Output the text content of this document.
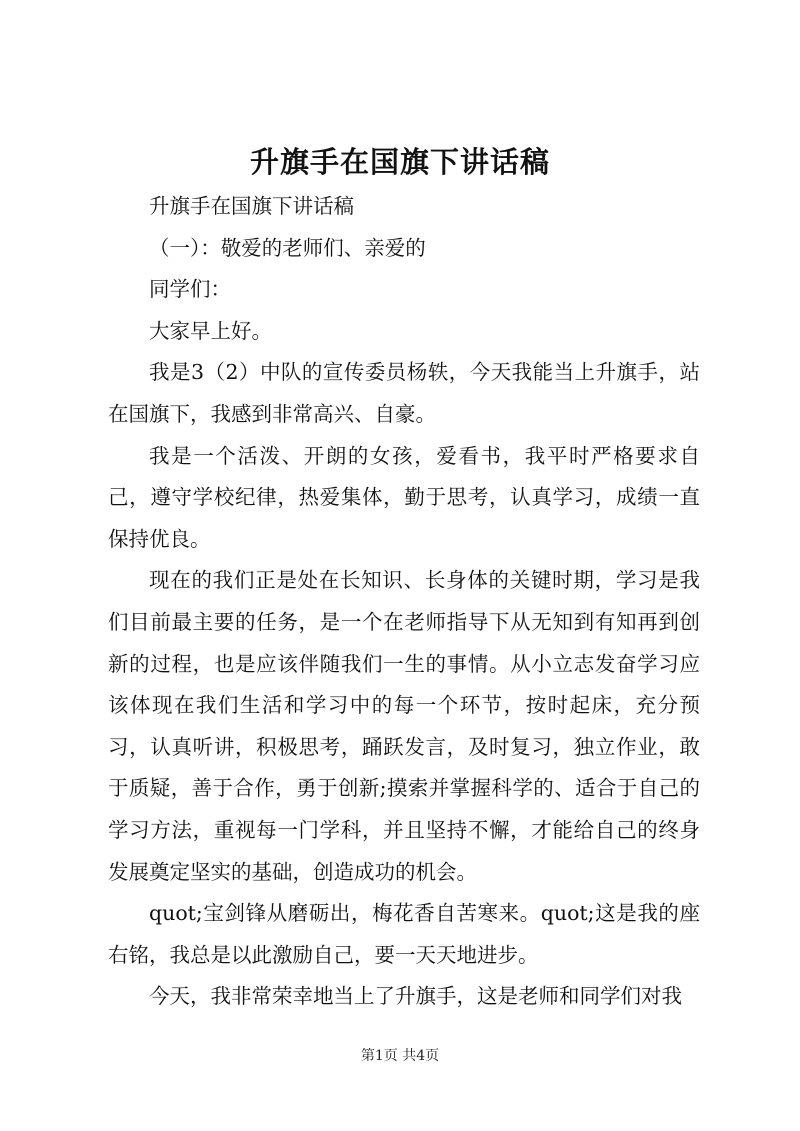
升旗手在国旗下讲话稿

升旗手在国旗下讲话稿

（一）：敬爱的老师们、亲爱的

同学们：

大家早上好。

我是3（2）中队的宣传委员杨轶，今天我能当上升旗手，站在国旗下，我感到非常高兴、自豪。

我是一个活泼、开朗的女孩，爱看书，我平时严格要求自己，遵守学校纪律，热爱集体，勤于思考，认真学习，成绩一直保持优良。

现在的我们正是处在长知识、长身体的关键时期，学习是我们目前最主要的任务，是一个在老师指导下从无知到有知再到创新的过程，也是应该伴随我们一生的事情。从小立志发奋学习应该体现在我们生活和学习中的每一个环节，按时起床，充分预习，认真听讲，积极思考，踊跃发言，及时复习，独立作业，敢于质疑，善于合作，勇于创新;摸索并掌握科学的、适合于自己的学习方法，重视每一门学科，并且坚持不懈，才能给自己的终身发展奠定坚实的基础，创造成功的机会。

quot;宝剑锋从磨砺出，梅花香自苦寒来。quot;这是我的座右铭，我总是以此激励自己，要一天天地进步。

今天，我非常荣幸地当上了升旗手，这是老师和同学们对我

第1页 共4页
